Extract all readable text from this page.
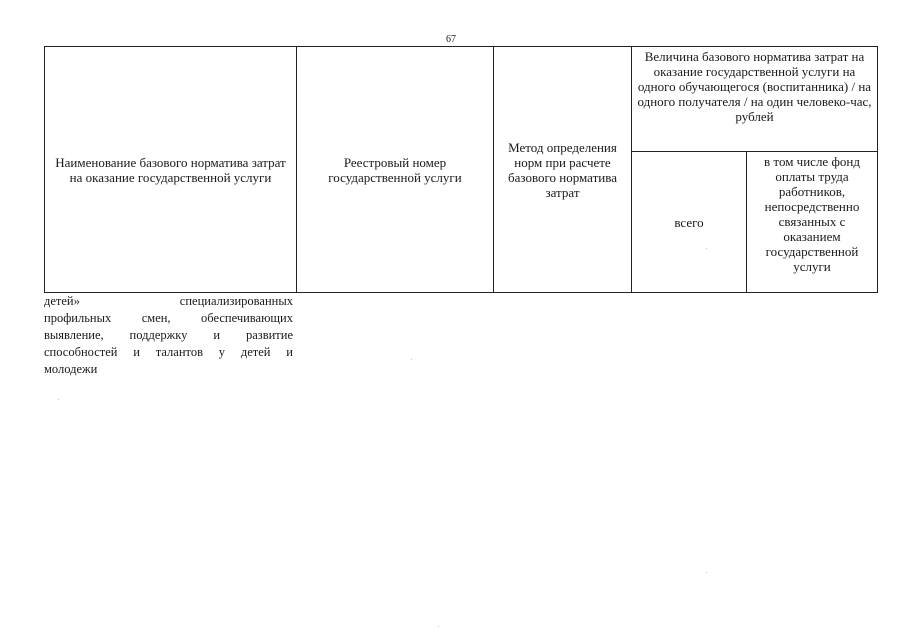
67
Наименование базового норматива затрат на оказание государственной услуги	Реестровый номер государственной услуги	Метод определения норм при расчете базового норматива затрат	Величина базового норматива затрат на оказание государственной услуги на одного обучающегося (воспитанника) / на одного получателя / на один человеко-час, рублей	
			всего	в том числе фонд оплаты труда работников, непосредственно связанных с оказанием государственной услуги
детей» специализированных
профильных смен, обеспечивающих
выявление, поддержку и развитие
способностей и талантов у детей и
молодежи
